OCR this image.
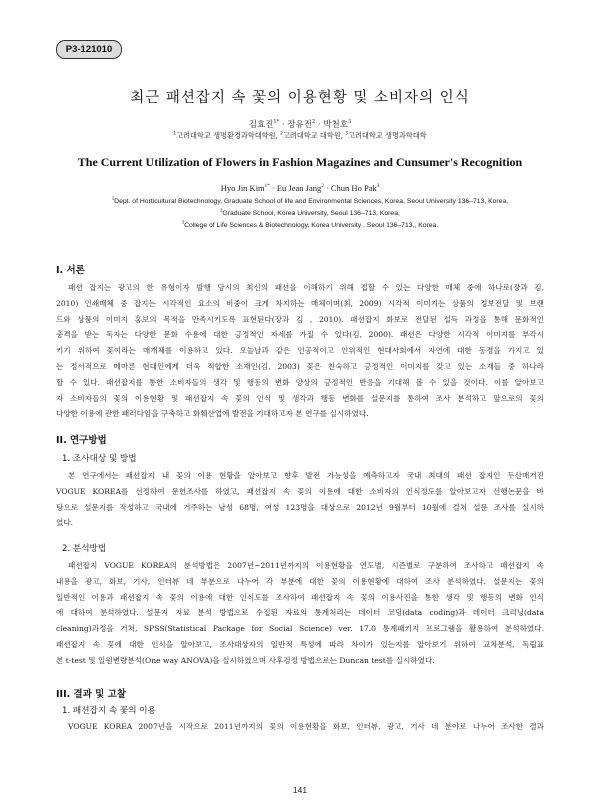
P3-121010
최근 패션잡지 속 꽃의 이용현황 및 소비자의 인식
김효진$^{1*}$ · 장유진$^2$ · 박천호$^3$
$^1$고려대학교 생명환경과학대학원, $^2$고려대학교 대학원, $^3$고려대학교 생명과학대학
The Current Utilization of Flowers in Fashion Magazines and Cunsumer's Recognition
Hyo Jin Kim$^{1*}$ · Eu Jean Jang$^2$ · Chun Ho Pak$^3$
$^1$Dept. of Horticultural Biotechnology, Graduate School of life and Environmental Sciences, Korea, Seoul University 136–713, Korea,
$^2$Graduate School, Korea University, Seoul 136–713, Korea,
$^3$College of Life Sciences & Biotechnology, Korea University , Seoul 136–713,, Korea.
I. 서론
패션 잡지는 광고의 한 유형이자 발행 당시의 최신의 패션을 이해하기 위해 접할 수 있는 다양한 매체 중에 하나로(장과 김,
2010) 인쇄매체 중 잡지는 시각적인 요소의 비중이 크게 차지하는 매체이며(최, 2009) 시각적 이미지는 상품의 정보전달 및 브랜
드와 상품의 이미지 홍보의 목적을 만족시키도록 표현된다(장과 김 , 2010). 패션잡지 화보로 전달된 설득 과정을 통해 문화적인
충격을 받는 독자는 다양한 문화 수용에 대한 긍정적인 자세를 가질 수 있다(김, 2000). 패션은 다양한 시각적 이미지를 부각시
키기 위하여 꽃이라는 매개체를 이용하고 있다. 오늘날과 같은 인공적이고 인위적인 현대사회에서 자연에 대한 동경을 가지고 있
는 정서적으로 메마른 현대인에게 더욱 적합한 소재인(김, 2003) 꽃은 친숙하고 긍정적인 이미지를 갖고 있는 소재들 중 하나라
할 수 있다. 패션잡지를 통한 소비자들의 생각 및 행동의 변화 양상의 긍정적인 반응을 기대해 볼 수 있을 것이다. 이를 알아보고
자 소비자들의 꽃의 이용현황 및 패션잡지 속 꽃의 인식 및 생각과 행동 변화를 설문지를 통하여 조사 분석하고 앞으로의 꽃의
다양한 이용에 관한 패러다임을 구축하고 화훼산업에 발전을 기대하고자 본 연구를 실시하였다.
II. 연구방법
1. 조사대상 및 방법
본 연구에서는 패션잡지 내 꽃의 이용 현황을 알아보고 향후 발전 가능성을 예측하고자 국내 최대의 패션 잡지인 두산매거진
VOGUE KOREA를 선정하여 문헌조사를 하였고, 패션잡지 속 꽃의 이용에 대한 소비자의 인식정도를 알아보고자 선행논문을 바
탕으로 설문지를 작성하고 국내에 거주하는 남성 68명, 여성 123명을 대상으로 2012년 9월부터 10월에 걸쳐 설문 조사를 실시하
였다.
2. 분석방법
패션잡지 VOGUE KOREA의 분석방법은 2007년~2011년까지의 이용현황을 연도별, 시즌별로 구분하여 조사하고 패션잡지 속
내용을 광고, 화보, 기사, 인터뷰 네 부분으로 나누어 각 부분에 대한 꽃의 이용현황에 대하여 조사 분석하였다. 설문지는 꽃의
일반적인 이용과 패션잡지 속 꽃의 이용에 대한 인식도를 조사하여 패션잡지 속 꽃의 이용사진을 통한 생각 및 행동의 변화 인식
에 대하여 분석하였다. 설문지 자료 분석 방법으로 수집된 자료의 통계처리는 데이터 코딩(data coding)과 데이터 크리닝(data
cleaning)과정을 거쳐, SPSS(Statistical Package for Social Science) ver. 17.0 통계패키지 프로그램을 활용하여 분석하였다.
패션잡지 속 꽃에 대한 인식을 알아보고, 조사대상자의 일반적 특성에 따라 차이가 있는지를 알아보기 위하여 교차분석, 독립표
본 t-test 및 일원변량분석(One way ANOVA)을 실시하였으며 사후검정 방법으로는 Duncan test를 실시하였다.
III. 결과 및 고찰
1. 패션잡지 속 꽃의 이용
VOGUE KOREA 2007년을 시작으로 2011년까지의 꽃의 이용현황을 화보, 인터뷰, 광고, 기사 네 분야로 나누어 조사한 결과
141
